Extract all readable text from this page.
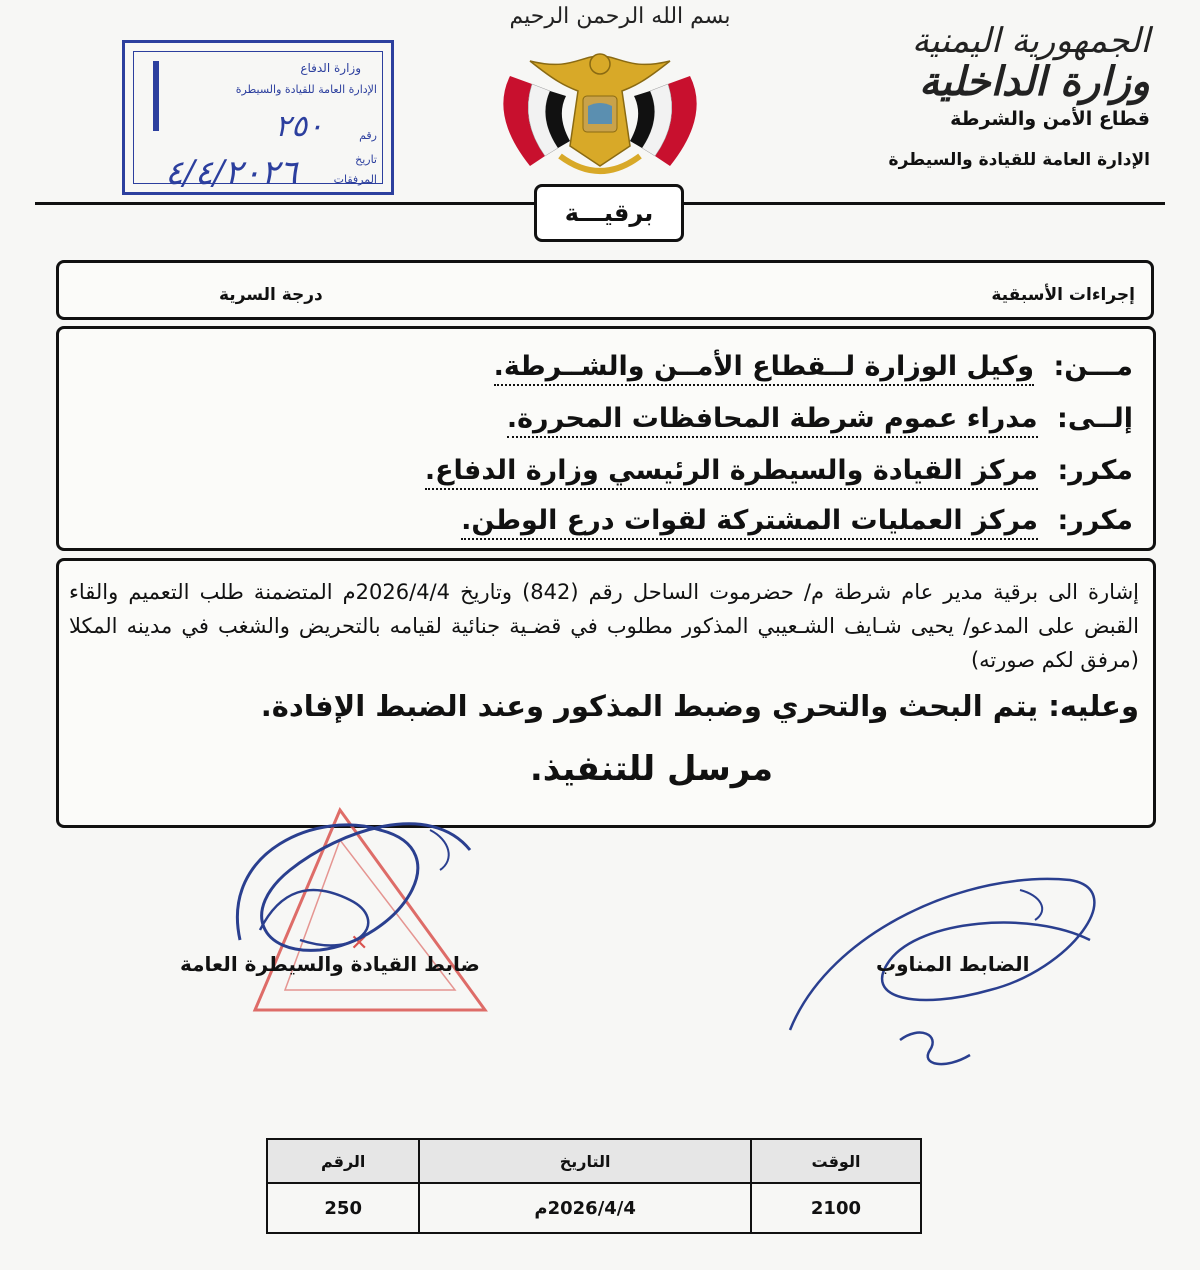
بسم الله الرحمن الرحيم
الجمهورية اليمنية
وزارة الداخلية
قطاع الأمن والشرطة
الإدارة العامة للقيادة والسيطرة
وزارة الدفاع
الإدارة العامة للقيادة والسيطرة
رقم
تاريخ
المرفقات
٢٥٠
٤/٤/٢٠٢٦
برقيـــة
إجراءات الأسبقية
درجة السرية
مـــن: وكيل الوزارة لــقطاع الأمــن والشــرطة.
إلــى: مدراء عموم شرطة المحافظات المحررة.
مكرر: مركز القيادة والسيطرة الرئيسي وزارة الدفاع.
مكرر: مركز العمليات المشتركة لقوات درع الوطن.
إشارة الى برقية مدير عام شرطة م/ حضرموت الساحل رقم (842) وتاريخ 2026/4/4م المتضمنة طلب التعميم والقاء القبض على المدعو/ يحيى شـايف الشـعيبي المذكور مطلوب في قضـية جنائية لقيامه بالتحريض والشغب في مدينه المكلا (مرفق لكم صورته)
وعليه: يتم البحث والتحري وضبط المذكور وعند الضبط الإفادة.
مرسل للتنفيذ.
✕
ضابط القيادة والسيطرة العامة	الضابط المناوب
الوقت	التاريخ	الرقم
2100	2026/4/4م	250
